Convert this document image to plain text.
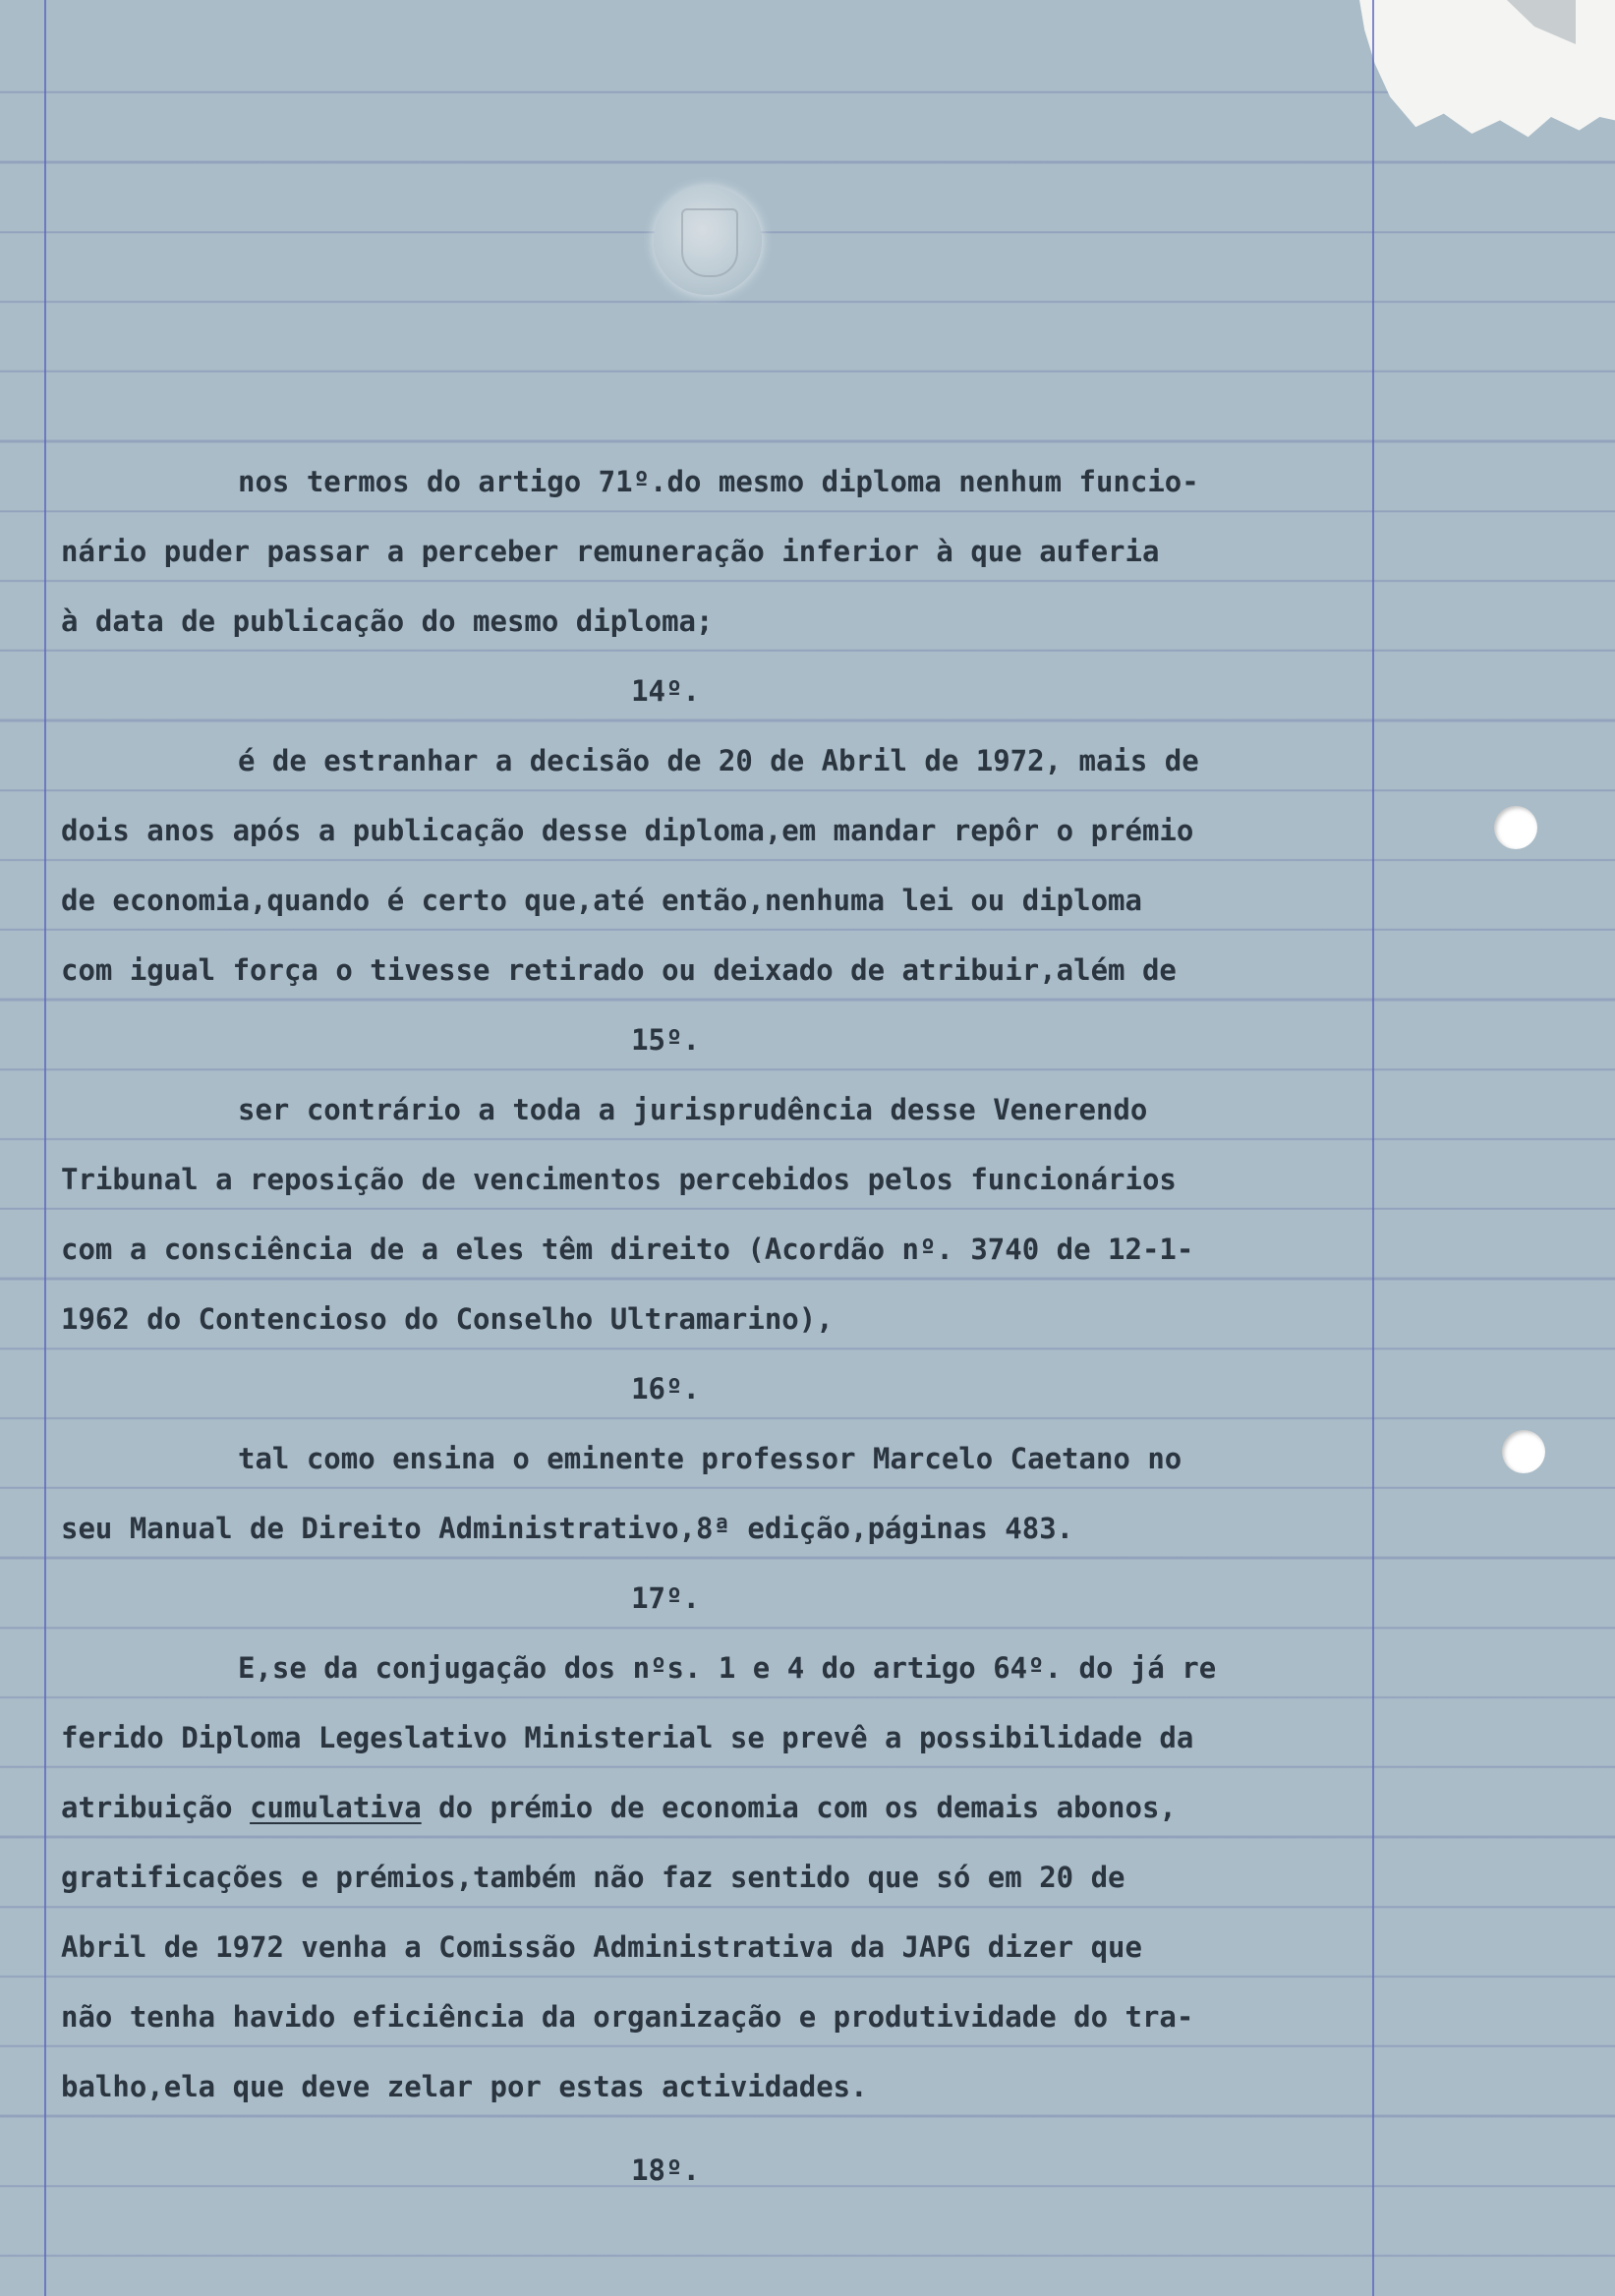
nos termos do artigo 71º.do mesmo diploma nenhum funcio-
nário puder passar a perceber remuneração inferior à que auferia
à data de publicação do mesmo diploma;
14º.
é de estranhar a decisão de 20 de Abril de 1972, mais de
dois anos após a publicação desse diploma,em mandar repôr o prémio
de economia,quando é certo que,até então,nenhuma lei ou diploma
com igual força o tivesse retirado ou deixado de atribuir,além de
15º.
ser contrário a toda a jurisprudência desse Venerendo
Tribunal a reposição de vencimentos percebidos pelos funcionários
com a consciência de a eles têm direito (Acordão nº. 3740 de 12-1-
1962 do Contencioso do Conselho Ultramarino),
16º.
tal como ensina o eminente professor Marcelo Caetano no
seu Manual de Direito Administrativo,8ª edição,páginas 483.
17º.
E,se da conjugação dos nºs. 1 e 4 do artigo 64º. do já re
ferido Diploma Legeslativo Ministerial se prevê a possibilidade da
atribuição cumulativa do prémio de economia com os demais abonos,
gratificações e prémios,também não faz sentido que só em 20 de
Abril de 1972 venha a Comissão Administrativa da JAPG dizer que
não tenha havido eficiência da organização e produtividade do tra-
balho,ela que deve zelar por estas actividades.
18º.
